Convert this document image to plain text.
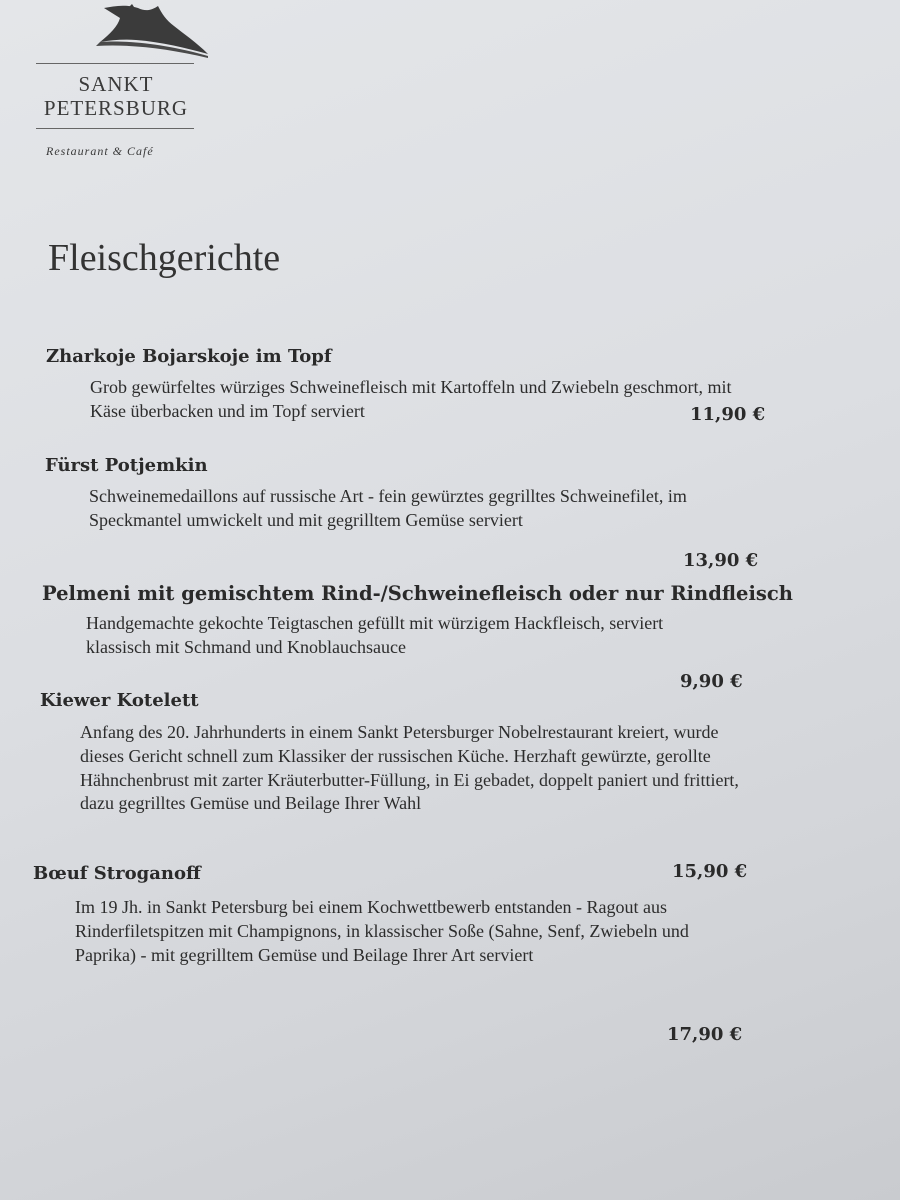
SANKT
PETERSBURG
Restaurant & Café
Fleischgerichte
Zharkoje Bojarskoje im Topf
Grob gewürfeltes würziges Schweinefleisch mit Kartoffeln und Zwiebeln geschmort, mit Käse überbacken und im Topf serviert	11,90 €
Fürst Potjemkin
Schweinemedaillons auf russische Art - fein gewürztes gegrilltes Schweinefilet, im Speckmantel umwickelt und mit gegrilltem Gemüse serviert
13,90 €
Pelmeni mit gemischtem Rind-/Schweinefleisch oder nur Rindfleisch
Handgemachte gekochte Teigtaschen gefüllt mit würzigem Hackfleisch, serviert klassisch mit Schmand und Knoblauchsauce
9,90 €
Kiewer Kotelett
Anfang des 20. Jahrhunderts in einem Sankt Petersburger Nobelrestaurant kreiert, wurde dieses Gericht schnell zum Klassiker der russischen Küche. Herzhaft gewürzte, gerollte Hähnchenbrust mit zarter Kräuterbutter-Füllung, in Ei gebadet, doppelt paniert und frittiert, dazu gegrilltes Gemüse und Beilage Ihrer Wahl
15,90 €
Bœuf Stroganoff
Im 19 Jh. in Sankt Petersburg bei einem Kochwettbewerb entstanden - Ragout aus Rinderfiletspitzen mit Champignons, in klassischer Soße (Sahne, Senf, Zwiebeln und Paprika) - mit gegrilltem Gemüse und Beilage Ihrer Art serviert
17,90 €
